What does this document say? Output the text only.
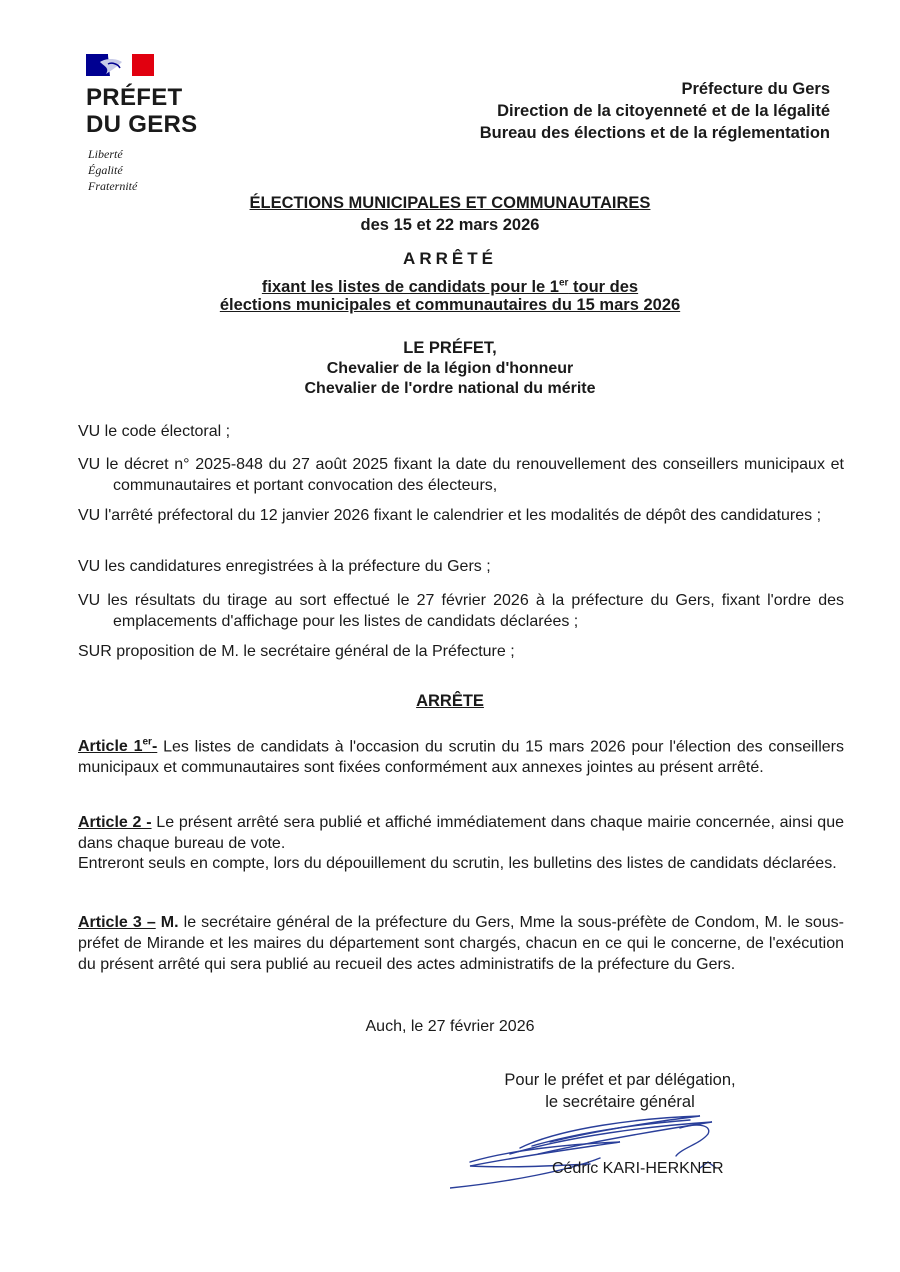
PRÉFET
DU GERS
Liberté
Égalité
Fraternité
Préfecture du Gers
Direction de la citoyenneté et de la légalité
Bureau des élections et de la réglementation
ÉLECTIONS MUNICIPALES ET COMMUNAUTAIRES
des 15 et 22 mars 2026
ARRÊTÉ
fixant les listes de candidats pour le 1er tour des
élections municipales et communautaires du 15 mars 2026
LE PRÉFET,
Chevalier de la légion d'honneur
Chevalier de l'ordre national du mérite
VU le code électoral ;
VU le décret n° 2025-848 du 27 août 2025 fixant la date du renouvellement des conseillers municipaux et communautaires et portant convocation des électeurs,
VU l'arrêté préfectoral du 12 janvier 2026 fixant le calendrier et les modalités de dépôt des candidatures ;
VU les candidatures enregistrées à la préfecture du Gers ;
VU les résultats du tirage au sort effectué le 27 février 2026 à la préfecture du Gers, fixant l'ordre des emplacements d'affichage pour les listes de candidats déclarées ;
SUR proposition de M. le secrétaire général de la Préfecture ;
ARRÊTE
Article 1er- Les listes de candidats à l'occasion du scrutin du 15 mars 2026 pour l'élection des conseillers municipaux et communautaires sont fixées conformément aux annexes jointes au présent arrêté.
Article 2 - Le présent arrêté sera publié et affiché immédiatement dans chaque mairie concernée, ainsi que dans chaque bureau de vote.
Entreront seuls en compte, lors du dépouillement du scrutin, les bulletins des listes de candidats déclarées.
Article 3 – M. le secrétaire général de la préfecture du Gers, Mme la sous-préfète de Condom, M. le sous-préfet de Mirande et les maires du département sont chargés, chacun en ce qui le concerne, de l'exécution du présent arrêté qui sera publié au recueil des actes administratifs de la préfecture du Gers.
Auch, le 27 février 2026
Pour le préfet et par délégation,
le secrétaire général
Cédric KARI-HERKNER
